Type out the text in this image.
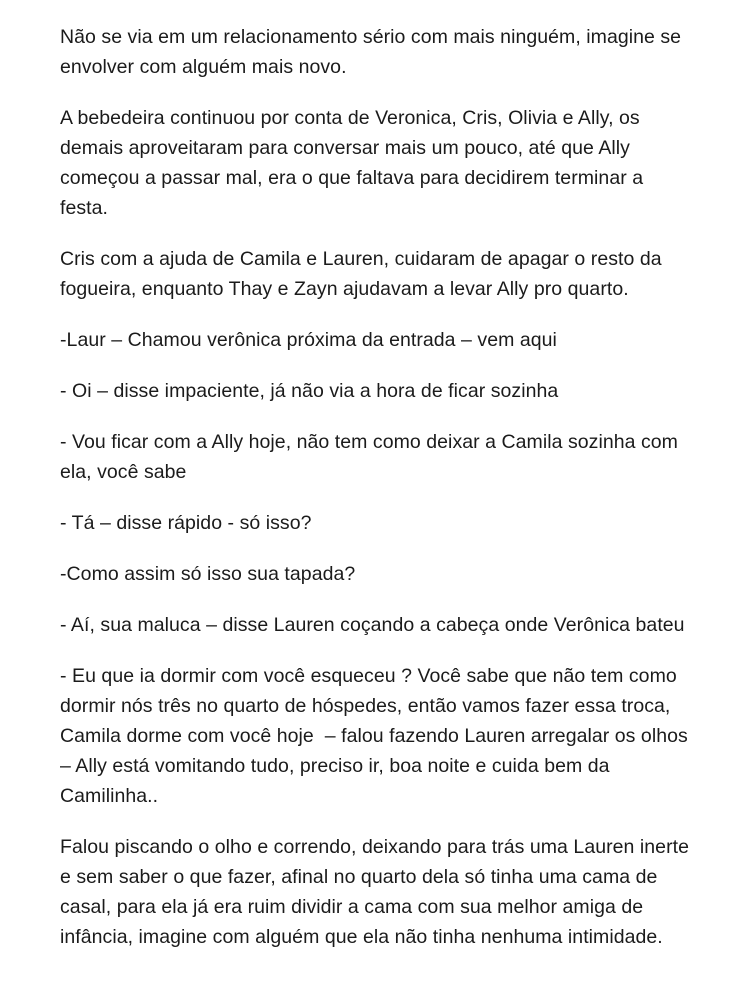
Não se via em um relacionamento sério com mais ninguém, imagine se envolver com alguém mais novo.

A bebedeira continuou por conta de Veronica, Cris, Olivia e Ally, os demais aproveitaram para conversar mais um pouco, até que Ally começou a passar mal, era o que faltava para decidirem terminar a festa.

Cris com a ajuda de Camila e Lauren, cuidaram de apagar o resto da fogueira, enquanto Thay e Zayn ajudavam a levar Ally pro quarto.

-Laur – Chamou verônica próxima da entrada – vem aqui

- Oi – disse impaciente, já não via a hora de ficar sozinha

- Vou ficar com a Ally hoje, não tem como deixar a Camila sozinha com ela, você sabe

- Tá – disse rápido - só isso?

-Como assim só isso sua tapada?

- Aí, sua maluca – disse Lauren coçando a cabeça onde Verônica bateu

- Eu que ia dormir com você esqueceu ? Você sabe que não tem como dormir nós três no quarto de hóspedes, então vamos fazer essa troca, Camila dorme com você hoje  – falou fazendo Lauren arregalar os olhos – Ally está vomitando tudo, preciso ir, boa noite e cuida bem da Camilinha..

Falou piscando o olho e correndo, deixando para trás uma Lauren inerte e sem saber o que fazer, afinal no quarto dela só tinha uma cama de casal, para ela já era ruim dividir a cama com sua melhor amiga de infância, imagine com alguém que ela não tinha nenhuma intimidade.
